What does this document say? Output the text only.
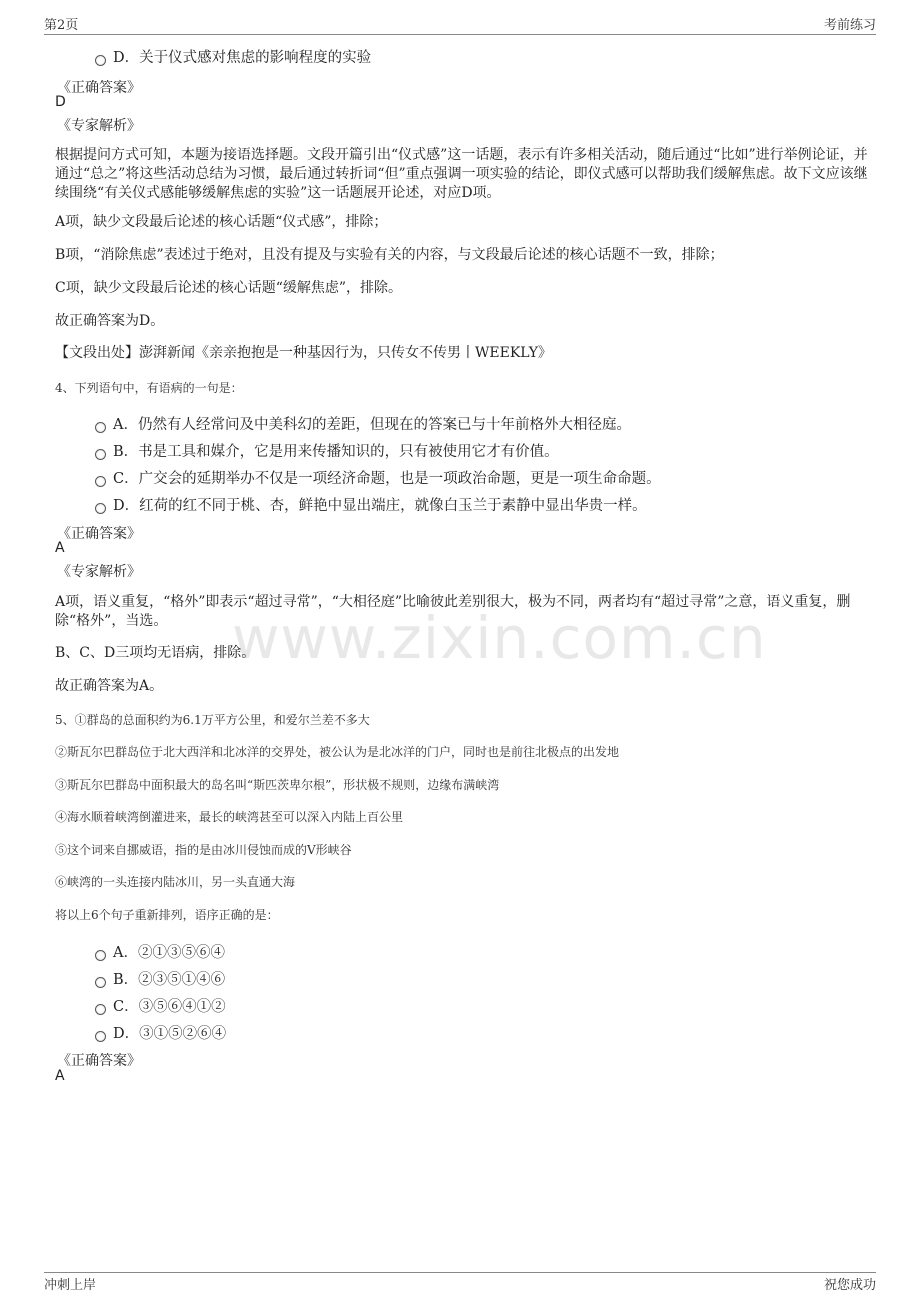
第2页	考前练习
www.zixin.com.cn
D．关于仪式感对焦虑的影响程度的实验
《正确答案》
D
《专家解析》
根据提问方式可知，本题为接语选择题。文段开篇引出“仪式感”这一话题，表示有许多相关活动，随后通过“比如”进行举例论证，并通过“总之”将这些活动总结为习惯，最后通过转折词“但”重点强调一项实验的结论，即仪式感可以帮助我们缓解焦虑。故下文应该继续围绕“有关仪式感能够缓解焦虑的实验”这一话题展开论述，对应D项。
A项，缺少文段最后论述的核心话题“仪式感”，排除；
B项，“消除焦虑”表述过于绝对，且没有提及与实验有关的内容，与文段最后论述的核心话题不一致，排除；
C项，缺少文段最后论述的核心话题“缓解焦虑”，排除。
故正确答案为D。
【文段出处】澎湃新闻《亲亲抱抱是一种基因行为，只传女不传男丨WEEKLY》
4、下列语句中，有语病的一句是：
A．仍然有人经常问及中美科幻的差距，但现在的答案已与十年前格外大相径庭。
B．书是工具和媒介，它是用来传播知识的，只有被使用它才有价值。
C．广交会的延期举办不仅是一项经济命题，也是一项政治命题，更是一项生命命题。
D．红荷的红不同于桃、杏，鲜艳中显出端庄，就像白玉兰于素静中显出华贵一样。
《正确答案》
A
《专家解析》
A项，语义重复，“格外”即表示“超过寻常”，“大相径庭”比喻彼此差别很大，极为不同，两者均有“超过寻常”之意，语义重复，删除“格外”，当选。
B、C、D三项均无语病，排除。
故正确答案为A。
5、①群岛的总面积约为6.1万平方公里，和爱尔兰差不多大
②斯瓦尔巴群岛位于北大西洋和北冰洋的交界处，被公认为是北冰洋的门户，同时也是前往北极点的出发地
③斯瓦尔巴群岛中面积最大的岛名叫“斯匹茨卑尔根”，形状极不规则，边缘布满峡湾
④海水顺着峡湾倒灌进来，最长的峡湾甚至可以深入内陆上百公里
⑤这个词来自挪威语，指的是由冰川侵蚀而成的V形峡谷
⑥峡湾的一头连接内陆冰川，另一头直通大海
将以上6个句子重新排列，语序正确的是：
A．②①③⑤⑥④
B．②③⑤①④⑥
C．③⑤⑥④①②
D．③①⑤②⑥④
《正确答案》
A
冲刺上岸	祝您成功
